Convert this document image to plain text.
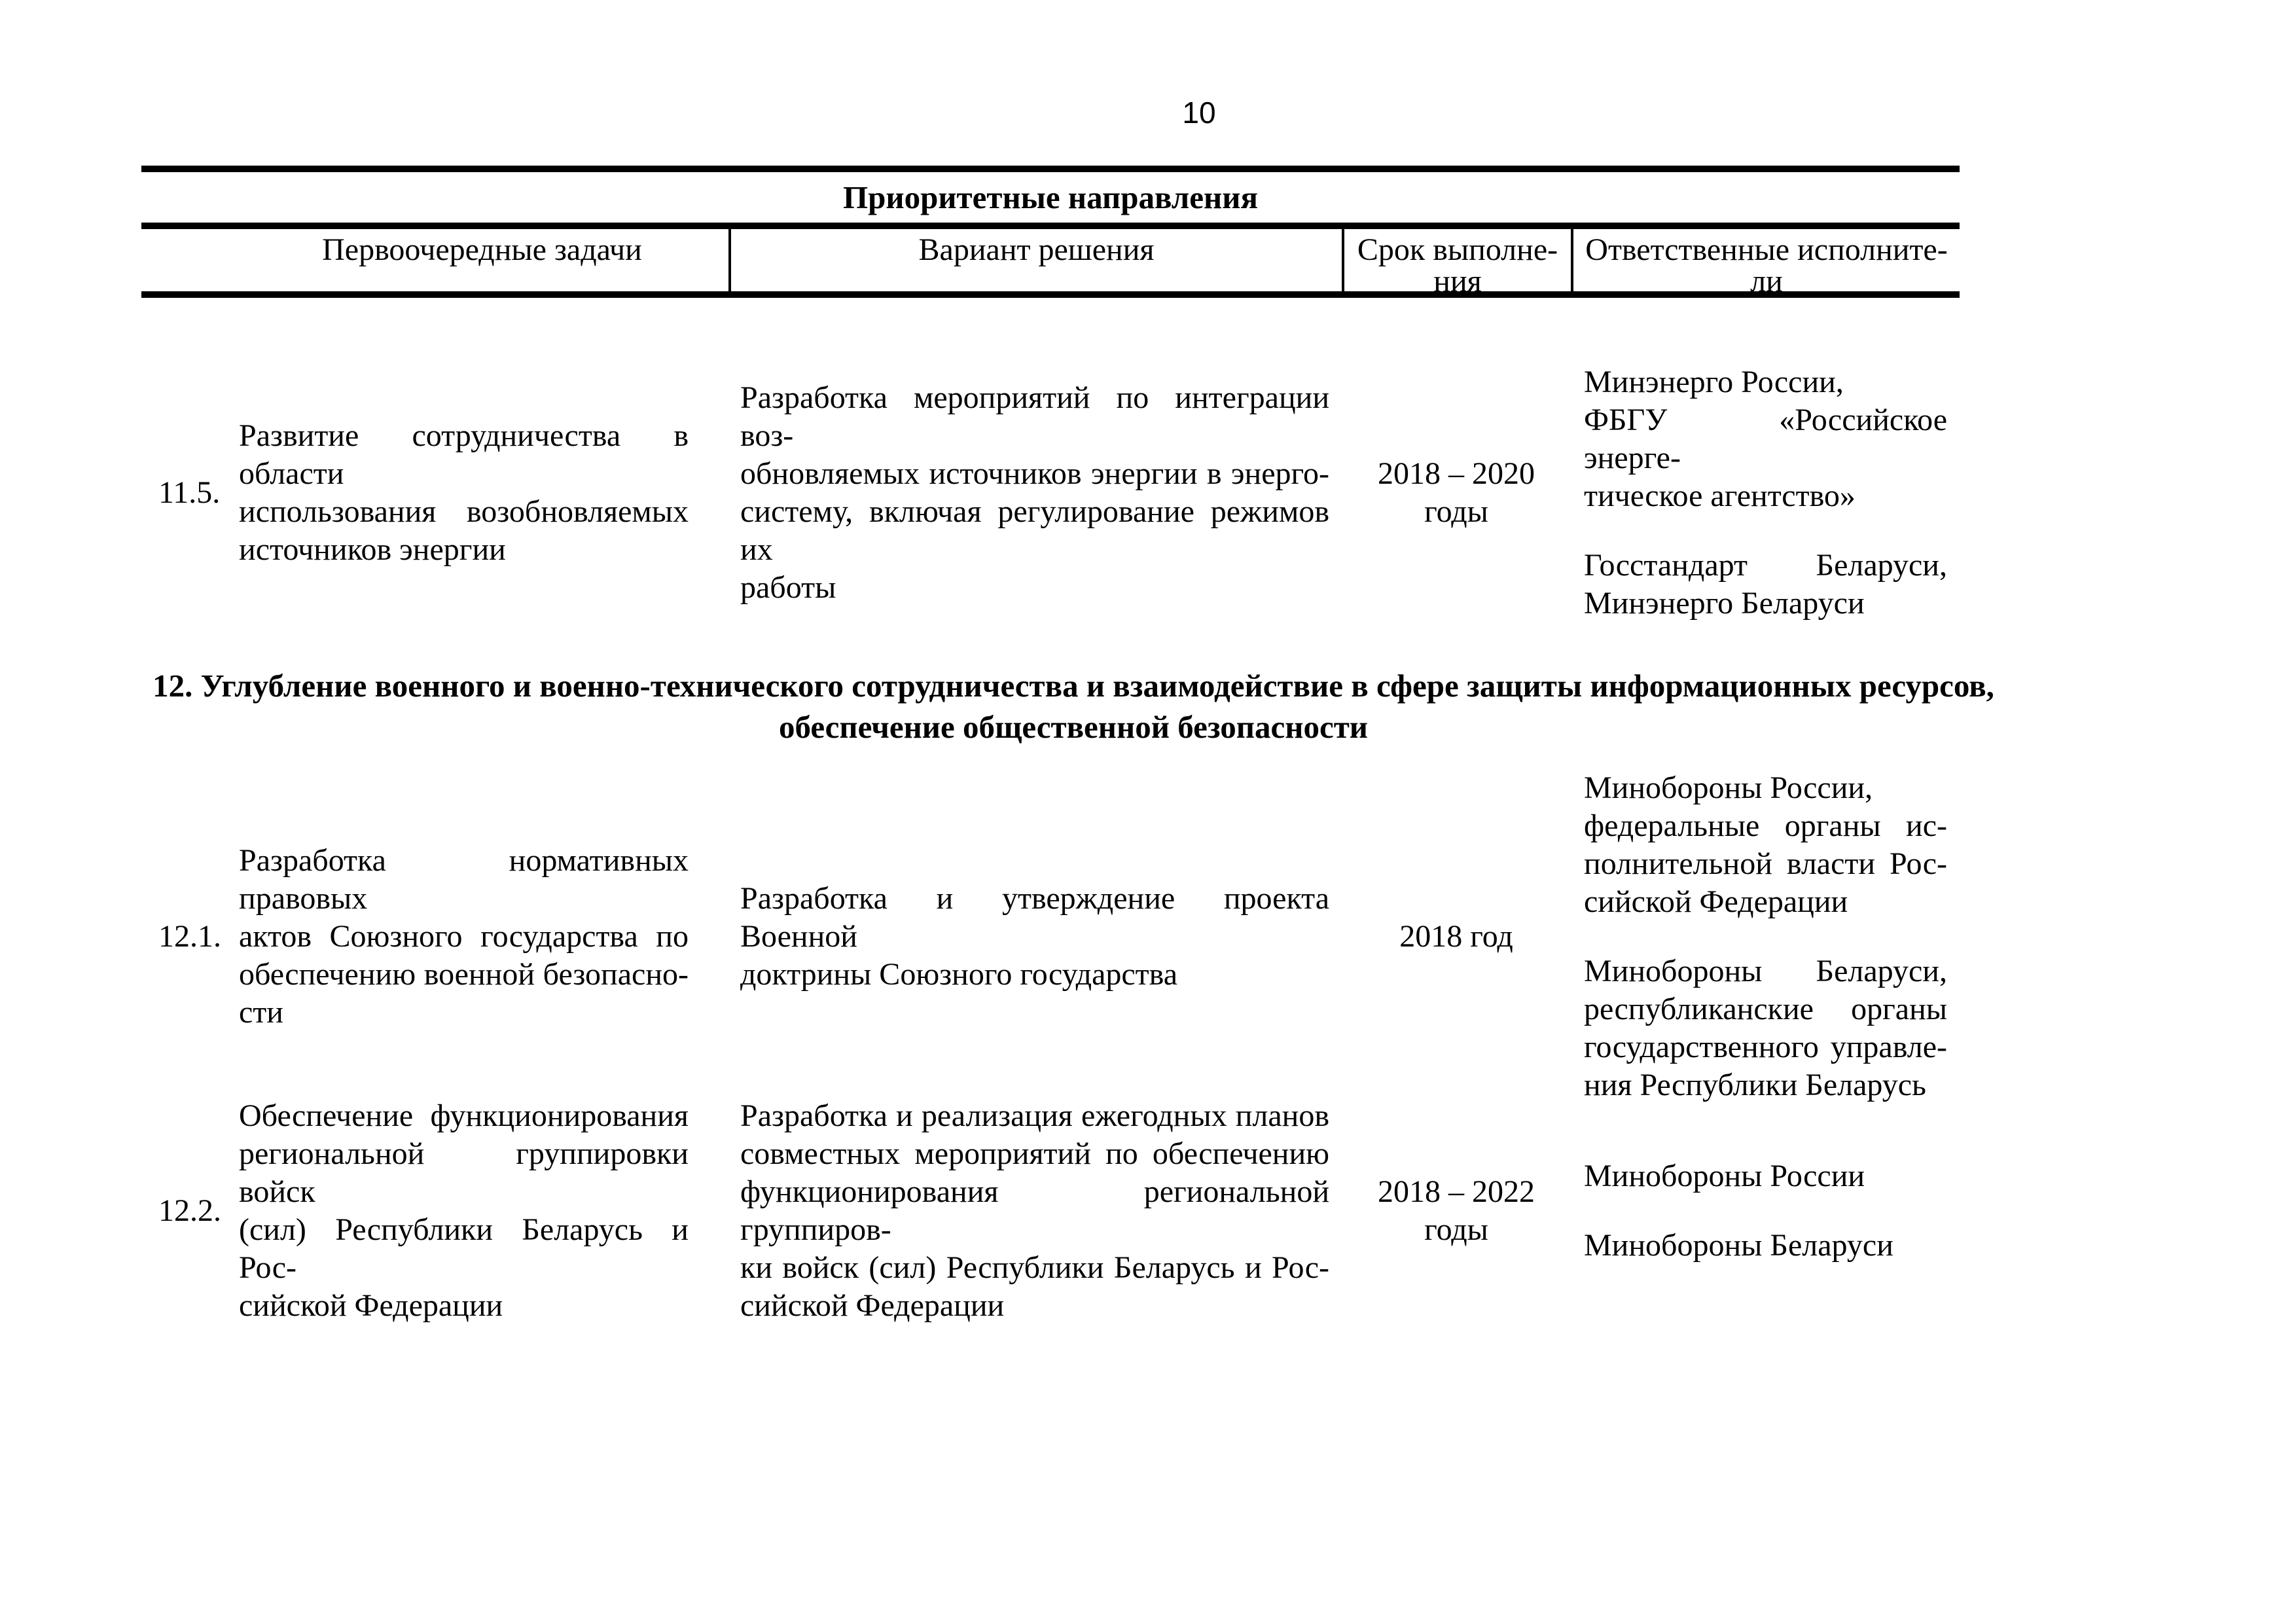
10
Приоритетные направления
Первоочередные задачи	Вариант решения	Срок выполне-
ния
Ответственные исполните-
ли
11.5.
Развитие сотрудничества в области
использования возобновляемых
источников энергии
Разработка мероприятий по интеграции воз-
обновляемых источников энергии в энерго-
систему, включая регулирование режимов их
работы
2018 – 2020
годы
Минэнерго России,
ФБГУ «Российское энерге-
тическое агентство»
Госстандарт Беларуси,
Минэнерго Беларуси
12. Углубление военного и военно-технического сотрудничества и взаимодействие в сфере защиты информационных ресурсов,
обеспечение общественной безопасности
12.1.
Разработка нормативных правовых
актов Союзного государства по
обеспечению военной безопасно-
сти
Разработка и утверждение проекта Военной
доктрины Союзного государства
2018 год
Минобороны России,
федеральные органы ис-
полнительной власти Рос-
сийской Федерации
Минобороны Беларуси,
республиканские органы
государственного управле-
ния Республики Беларусь
12.2.
Обеспечение функционирования
региональной группировки войск
(сил) Республики Беларусь и Рос-
сийской Федерации
Разработка и реализация ежегодных планов
совместных мероприятий по обеспечению
функционирования региональной группиров-
ки войск (сил) Республики Беларусь и Рос-
сийской Федерации
2018 – 2022
годы
Минобороны России
Минобороны Беларуси
